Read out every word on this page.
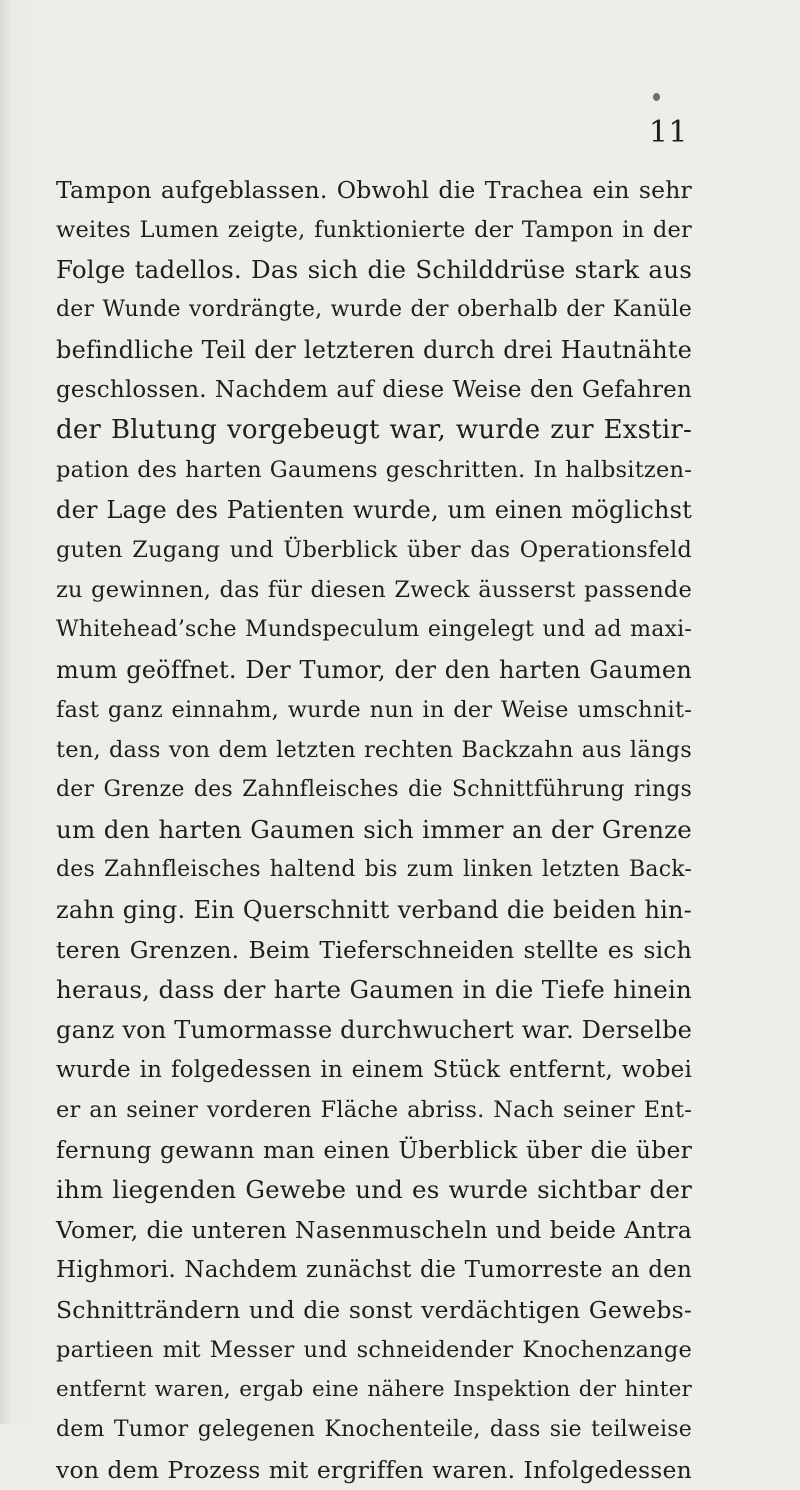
11
Tampon aufgeblassen. Obwohl die Trachea ein sehr
weites Lumen zeigte, funktionierte der Tampon in der
Folge tadellos. Das sich die Schilddrüse stark aus
der Wunde vordrängte, wurde der oberhalb der Kanüle
befindliche Teil der letzteren durch drei Hautnähte
geschlossen. Nachdem auf diese Weise den Gefahren
der Blutung vorgebeugt war, wurde zur Exstir-
pation des harten Gaumens geschritten. In halbsitzen-
der Lage des Patienten wurde, um einen möglichst
guten Zugang und Überblick über das Operationsfeld
zu gewinnen, das für diesen Zweck äusserst passende
Whitehead’sche Mundspeculum eingelegt und ad maxi-
mum geöffnet. Der Tumor, der den harten Gaumen
fast ganz einnahm, wurde nun in der Weise umschnit-
ten, dass von dem letzten rechten Backzahn aus längs
der Grenze des Zahnfleisches die Schnittführung rings
um den harten Gaumen sich immer an der Grenze
des Zahnfleisches haltend bis zum linken letzten Back-
zahn ging. Ein Querschnitt verband die beiden hin-
teren Grenzen. Beim Tieferschneiden stellte es sich
heraus, dass der harte Gaumen in die Tiefe hinein
ganz von Tumormasse durchwuchert war. Derselbe
wurde in folgedessen in einem Stück entfernt, wobei
er an seiner vorderen Fläche abriss. Nach seiner Ent-
fernung gewann man einen Überblick über die über
ihm liegenden Gewebe und es wurde sichtbar der
Vomer, die unteren Nasenmuscheln und beide Antra
Highmori. Nachdem zunächst die Tumorreste an den
Schnitträndern und die sonst verdächtigen Gewebs-
partieen mit Messer und schneidender Knochenzange
entfernt waren, ergab eine nähere Inspektion der hinter
dem Tumor gelegenen Knochenteile, dass sie teilweise
von dem Prozess mit ergriffen waren. Infolgedessen
